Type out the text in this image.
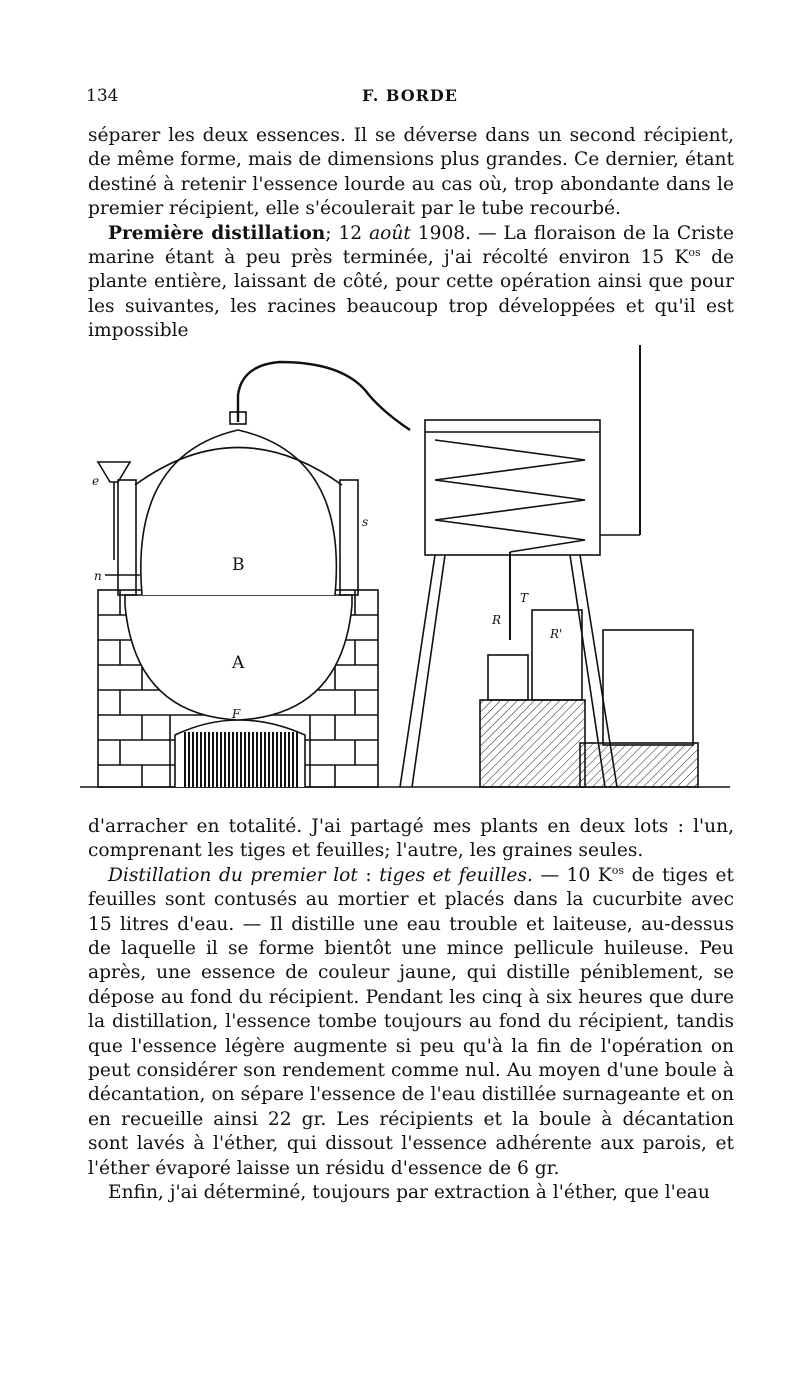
134	F. BORDE

séparer les deux essences. Il se déverse dans un second récipient, de même forme, mais de dimensions plus grandes. Ce dernier, étant destiné à retenir l'essence lourde au cas où, trop abondante dans le premier récipient, elle s'écoulerait par le tube recourbé.

Première distillation; 12 août 1908. — La floraison de la Criste marine étant à peu près terminée, j'ai récolté environ 15 $K^{os}$ de plante entière, laissant de côté, pour cette opération ainsi que pour les suivantes, les racines beaucoup trop développées et qu'il est impossible

B
A
F
R
R'
T
e
n
s

d'arracher en totalité. J'ai partagé mes plants en deux lots : l'un, comprenant les tiges et feuilles; l'autre, les graines seules.

Distillation du premier lot : tiges et feuilles. — 10 $K^{os}$ de tiges et feuilles sont contusés au mortier et placés dans la cucurbite avec 15 litres d'eau. — Il distille une eau trouble et laiteuse, au-dessus de laquelle il se forme bientôt une mince pellicule huileuse. Peu après, une essence de couleur jaune, qui distille péniblement, se dépose au fond du récipient. Pendant les cinq à six heures que dure la distillation, l'essence tombe toujours au fond du récipient, tandis que l'essence légère augmente si peu qu'à la fin de l'opération on peut considérer son rendement comme nul. Au moyen d'une boule à décantation, on sépare l'essence de l'eau distillée surnageante et on en recueille ainsi 22 gr. Les récipients et la boule à décantation sont lavés à l'éther, qui dissout l'essence adhérente aux parois, et l'éther évaporé laisse un résidu d'essence de 6 gr.

Enfin, j'ai déterminé, toujours par extraction à l'éther, que l'eau
